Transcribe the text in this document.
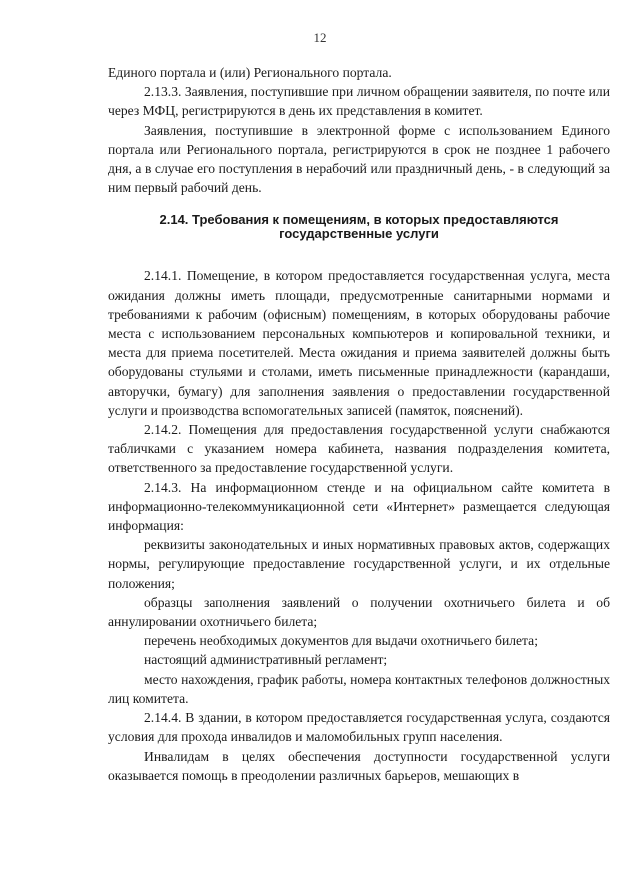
12

Единого портала и (или) Регионального портала.

2.13.3. Заявления, поступившие при личном обращении заявителя, по почте или через МФЦ, регистрируются в день их представления в комитет.

Заявления, поступившие в электронной форме с использованием Единого портала или Регионального портала, регистрируются в срок не позднее 1 рабочего дня, а в случае его поступления в нерабочий или праздничный день, - в следующий за ним первый рабочий день.

2.14. Требования к помещениям, в которых предоставляются государственные услуги

2.14.1. Помещение, в котором предоставляется государственная услуга, места ожидания должны иметь площади, предусмотренные санитарными нормами и требованиями к рабочим (офисным) помещениям, в которых оборудованы рабочие места с использованием персональных компьютеров и копировальной техники, и места для приема посетителей. Места ожидания и приема заявителей должны быть оборудованы стульями и столами, иметь письменные принадлежности (карандаши, авторучки, бумагу) для заполнения заявления о предоставлении государственной услуги и производства вспомогательных записей (памяток, пояснений).

2.14.2. Помещения для предоставления государственной услуги снабжаются табличками с указанием номера кабинета, названия подразделения комитета, ответственного за предоставление государственной услуги.

2.14.3. На информационном стенде и на официальном сайте комитета в информационно-телекоммуникационной сети «Интернет» размещается следующая информация:

реквизиты законодательных и иных нормативных правовых актов, содержащих нормы, регулирующие предоставление государственной услуги, и их отдельные положения;

образцы заполнения заявлений о получении охотничьего билета и об аннулировании охотничьего билета;

перечень необходимых документов для выдачи охотничьего билета;

настоящий административный регламент;

место нахождения, график работы, номера контактных телефонов должностных лиц комитета.

2.14.4. В здании, в котором предоставляется государственная услуга, создаются условия для прохода инвалидов и маломобильных групп населения.

Инвалидам в целях обеспечения доступности государственной услуги оказывается помощь в преодолении различных барьеров, мешающих в
